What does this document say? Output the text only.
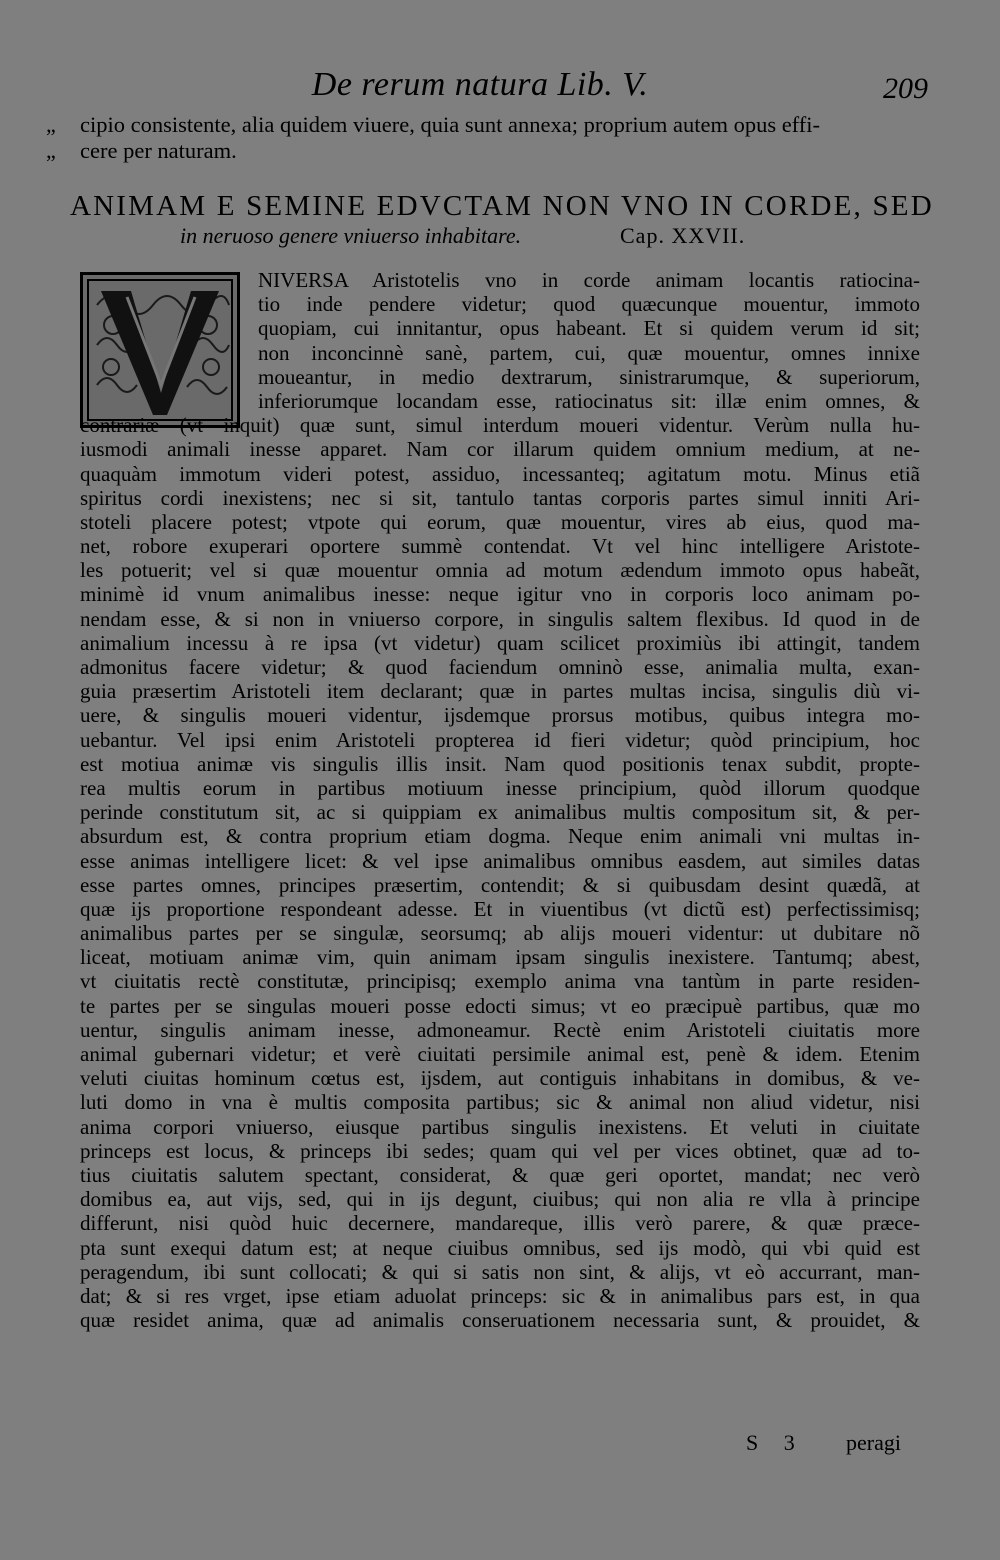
De rerum natura Lib. V.	209
„ cipio consistente, alia quidem viuere, quia sunt annexa; proprium autem opus effi-
„ cere per naturam.
ANIMAM E SEMINE EDVCTAM NON VNO IN CORDE, SED
in neruoso genere vniuerso inhabitare.	Cap. XXVII.
V
NIVERSA Aristotelis vno in corde animam locantis ratiocina-
tio inde pendere videtur; quod quæcunque mouentur, immoto
quopiam, cui innitantur, opus habeant. Et si quidem verum id sit;
non inconcinnè sanè, partem, cui, quæ mouentur, omnes innixe
moueantur, in medio dextrarum, sinistrarumque, & superiorum,
inferiorumque locandam esse, ratiocinatus sit: illæ enim omnes, &
contrariæ (vt inquit) quæ sunt, simul interdum moueri videntur. Verùm nulla hu-
iusmodi animali inesse apparet. Nam cor illarum quidem omnium medium, at ne-
quaquàm immotum videri potest, assiduo, incessanteq; agitatum motu. Minus etiã
spiritus cordi inexistens; nec si sit, tantulo tantas corporis partes simul inniti Ari-
stoteli placere potest; vtpote qui eorum, quæ mouentur, vires ab eius, quod ma-
net, robore exuperari oportere summè contendat. Vt vel hinc intelligere Aristote-
les potuerit; vel si quæ mouentur omnia ad motum ædendum immoto opus habeãt,
minimè id vnum animalibus inesse: neque igitur vno in corporis loco animam po-
nendam esse, & si non in vniuerso corpore, in singulis saltem flexibus. Id quod in de
animalium incessu à re ipsa (vt videtur) quam scilicet proximiùs ibi attingit, tandem
admonitus facere videtur; & quod faciendum omninò esse, animalia multa, exan-
guia præsertim Aristoteli item declarant; quæ in partes multas incisa, singulis diù vi-
uere, & singulis moueri videntur, ijsdemque prorsus motibus, quibus integra mo-
uebantur. Vel ipsi enim Aristoteli propterea id fieri videtur; quòd principium, hoc
est motiua animæ vis singulis illis insit. Nam quod positionis tenax subdit, propte-
rea multis eorum in partibus motiuum inesse principium, quòd illorum quodque
perinde constitutum sit, ac si quippiam ex animalibus multis compositum sit, & per-
absurdum est, & contra proprium etiam dogma. Neque enim animali vni multas in-
esse animas intelligere licet: & vel ipse animalibus omnibus easdem, aut similes datas
esse partes omnes, principes præsertim, contendit; & si quibusdam desint quædã, at
quæ ijs proportione respondeant adesse. Et in viuentibus (vt dictũ est) perfectissimisq;
animalibus partes per se singulæ, seorsumq; ab alijs moueri videntur: ut dubitare nõ
liceat, motiuam animæ vim, quin animam ipsam singulis inexistere. Tantumq; abest,
vt ciuitatis rectè constitutæ, principisq; exemplo anima vna tantùm in parte residen-
te partes per se singulas moueri posse edocti simus; vt eo præcipuè partibus, quæ mo
uentur, singulis animam inesse, admoneamur. Rectè enim Aristoteli ciuitatis more
animal gubernari videtur; et verè ciuitati persimile animal est, penè & idem. Etenim
veluti ciuitas hominum cœtus est, ijsdem, aut contiguis inhabitans in domibus, & ve-
luti domo in vna è multis composita partibus; sic & animal non aliud videtur, nisi
anima corpori vniuerso, eiusque partibus singulis inexistens. Et veluti in ciuitate
princeps est locus, & princeps ibi sedes; quam qui vel per vices obtinet, quæ ad to-
tius ciuitatis salutem spectant, considerat, & quæ geri oportet, mandat; nec verò
domibus ea, aut vijs, sed, qui in ijs degunt, ciuibus; qui non alia re vlla à principe
differunt, nisi quòd huic decernere, mandareque, illis verò parere, & quæ præce-
pta sunt exequi datum est; at neque ciuibus omnibus, sed ijs modò, qui vbi quid est
peragendum, ibi sunt collocati; & qui si satis non sint, & alijs, vt eò accurrant, man-
dat; & si res vrget, ipse etiam aduolat princeps: sic & in animalibus pars est, in qua
quæ residet anima, quæ ad animalis conseruationem necessaria sunt, & prouidet, &
S 3 peragi
